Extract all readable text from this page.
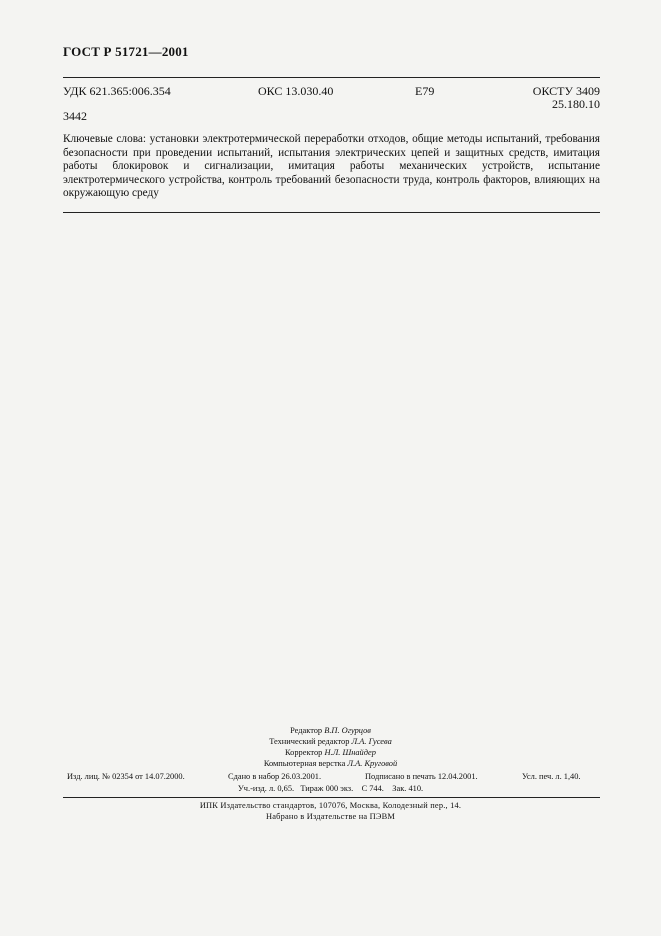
ГОСТ Р 51721—2001
УДК 621.365:006.354	ОКС 13.030.40	E79	ОКСТУ 3409
25.180.10
3442
Ключевые слова: установки электротермической переработки отходов, общие методы испытаний, требования безопасности при проведении испытаний, испытания электрических цепей и защитных средств, имитация работы блокировок и сигнализации, имитация работы механических устройств, испытание электротермического устройства, контроль требований безопасности труда, контроль факторов, влияющих на окружающую среду
Редактор В.П. Огурцов
Технический редактор Л.А. Гусева
Корректор Н.Л. Шнайдер
Компьютерная верстка Л.А. Круговой
Изд. лиц. № 02354 от 14.07.2000.	Сдано в набор 26.03.2001.	Подписано в печать 12.04.2001.	Усл. печ. л. 1,40.
Уч.-изд. л. 0,65. Тираж 000 экз. С 744. Зак. 410.
ИПК Издательство стандартов, 107076, Москва, Колодезный пер., 14.
Набрано в Издательстве на ПЭВМ
